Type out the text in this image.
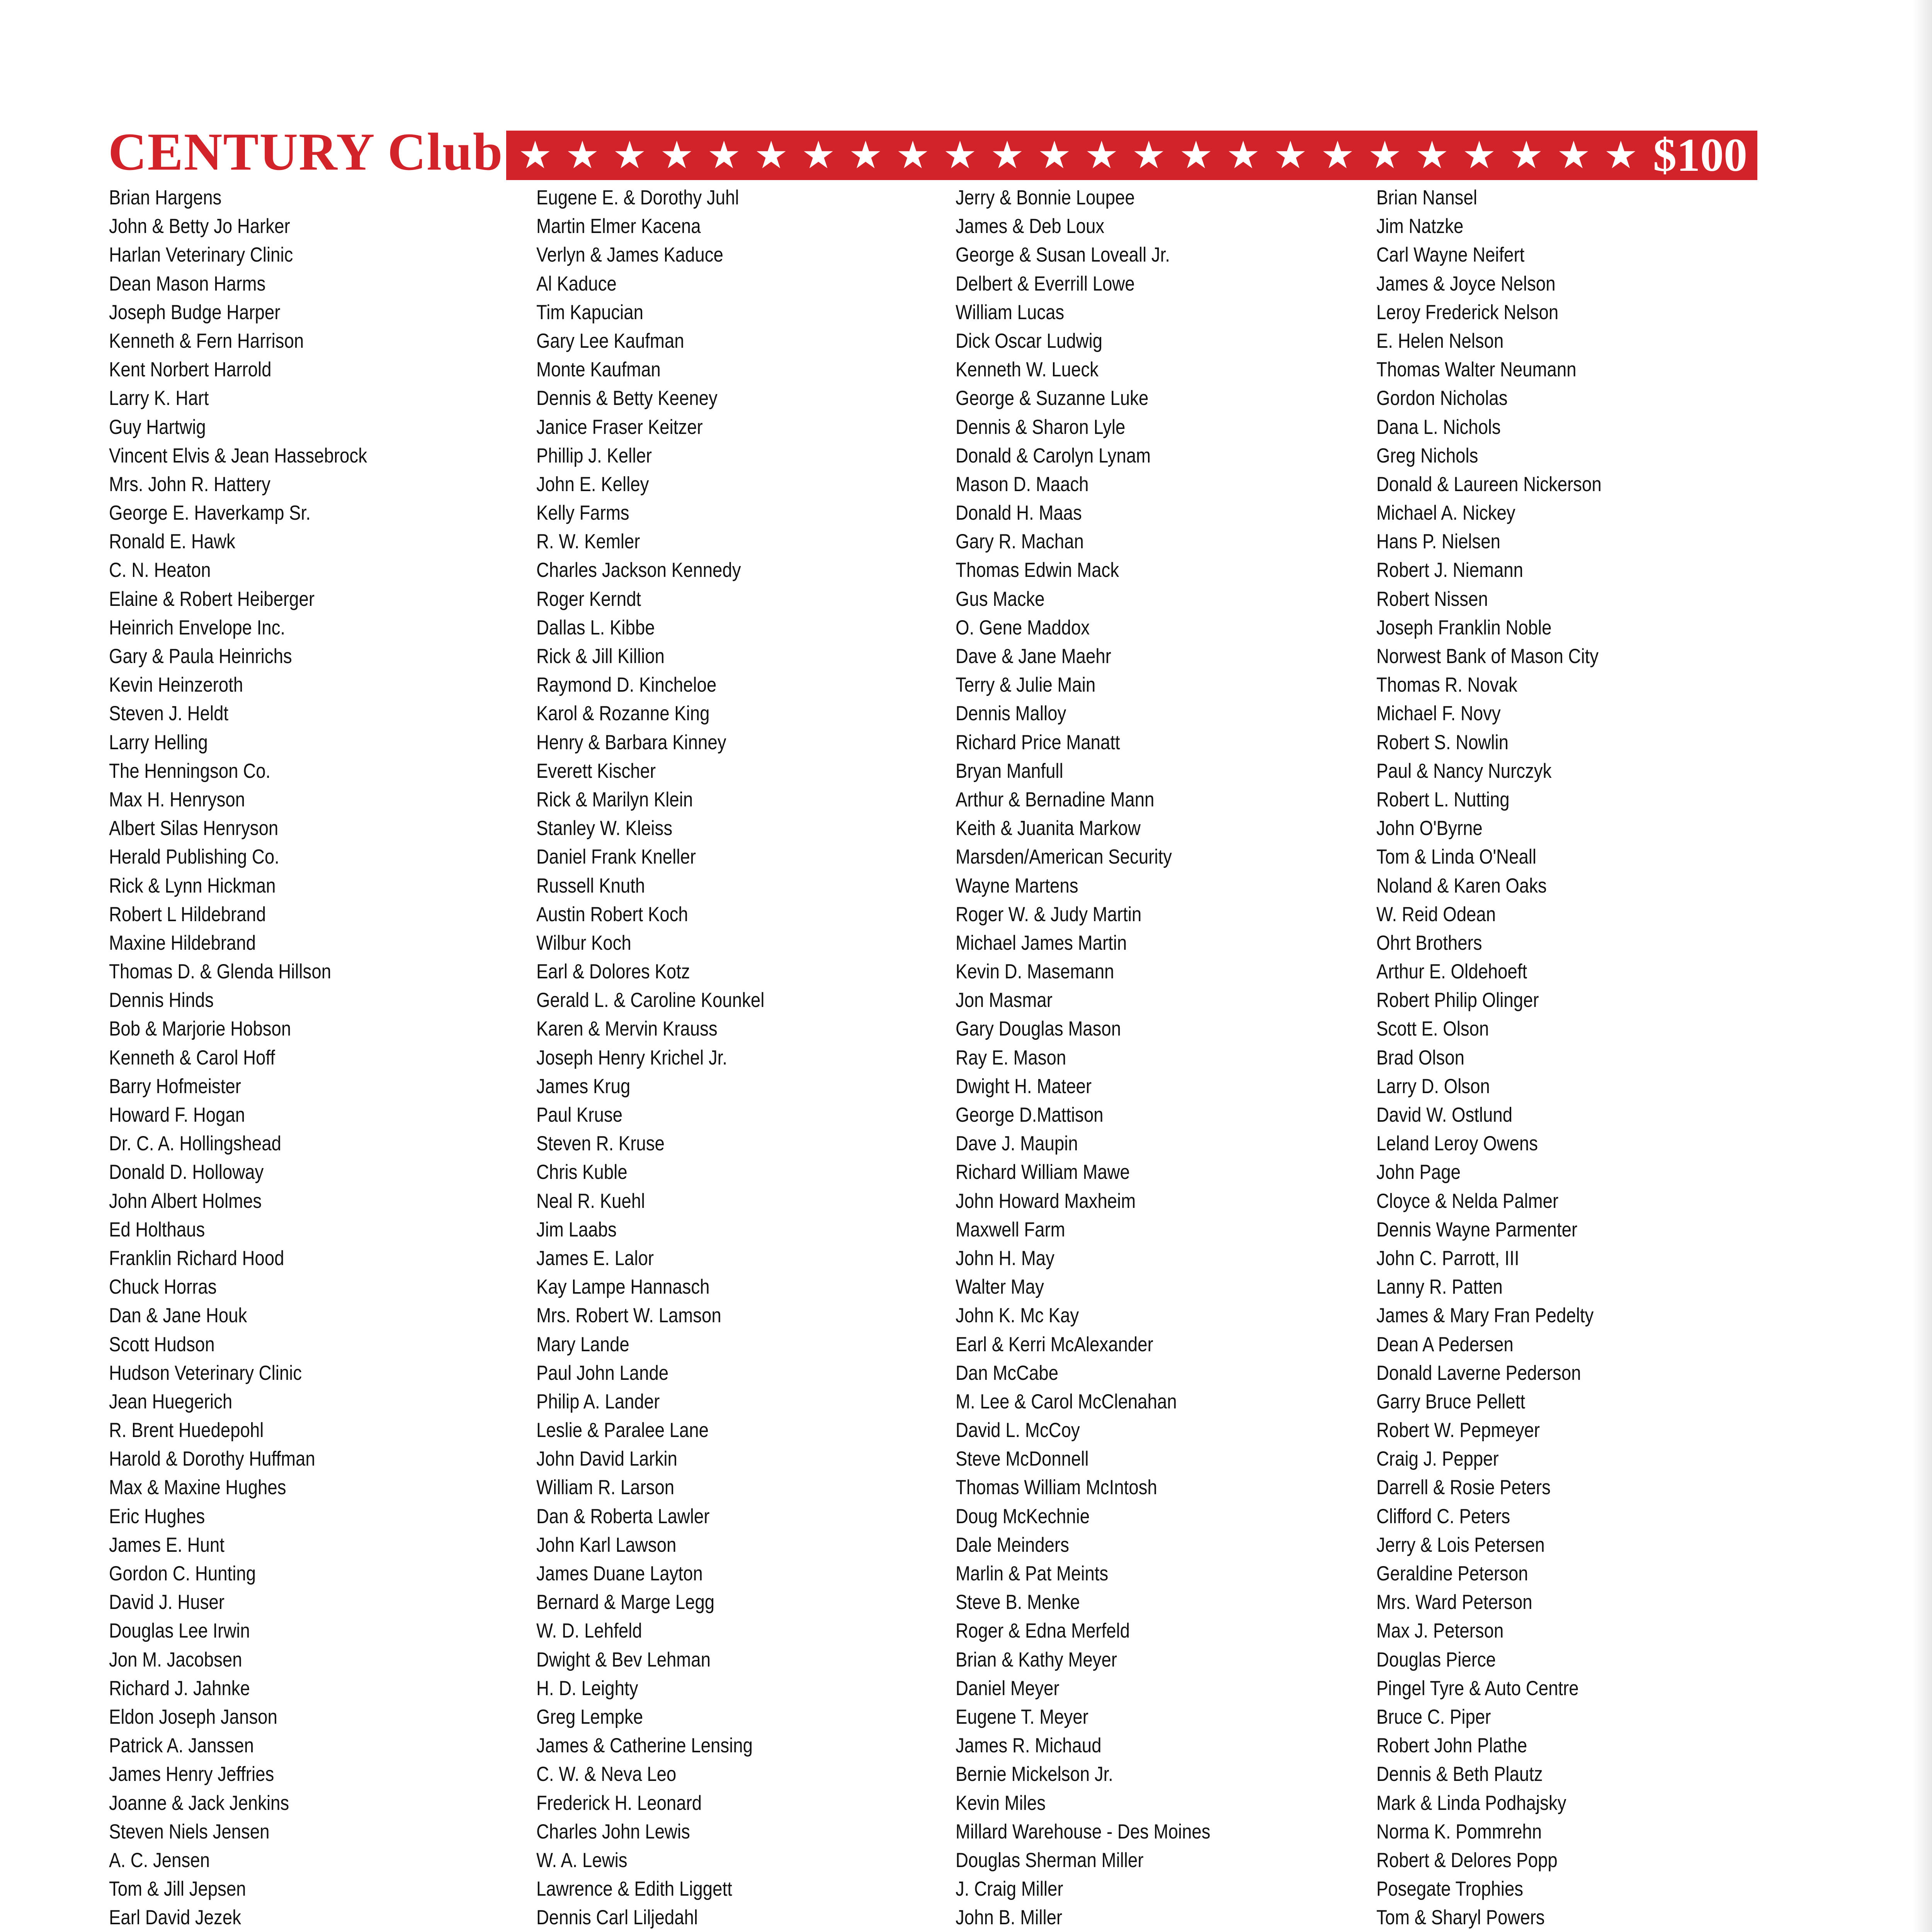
CENTURY Club ★ ★ ★ ★ ★ ★ ★ ★ ★ ★ ★ ★ ★ ★ ★ ★ ★ ★ ★ ★ ★ ★ ★ ★ $100
Brian Hargens
John & Betty Jo Harker
Harlan Veterinary Clinic
Dean Mason Harms
Joseph Budge Harper
Kenneth & Fern Harrison
Kent Norbert Harrold
Larry K. Hart
Guy Hartwig
Vincent Elvis & Jean Hassebrock
Mrs. John R. Hattery
George E. Haverkamp Sr.
Ronald E. Hawk
C. N. Heaton
Elaine & Robert Heiberger
Heinrich Envelope Inc.
Gary & Paula Heinrichs
Kevin Heinzeroth
Steven J. Heldt
Larry Helling
The Henningson Co.
Max H. Henryson
Albert Silas Henryson
Herald Publishing Co.
Rick & Lynn Hickman
Robert L Hildebrand
Maxine Hildebrand
Thomas D. & Glenda Hillson
Dennis Hinds
Bob & Marjorie Hobson
Kenneth & Carol Hoff
Barry Hofmeister
Howard F. Hogan
Dr. C. A. Hollingshead
Donald D. Holloway
John Albert Holmes
Ed Holthaus
Franklin Richard Hood
Chuck Horras
Dan & Jane Houk
Scott Hudson
Hudson Veterinary Clinic
Jean Huegerich
R. Brent Huedepohl
Harold & Dorothy Huffman
Max & Maxine Hughes
Eric Hughes
James E. Hunt
Gordon C. Hunting
David J. Huser
Douglas Lee Irwin
Jon M. Jacobsen
Richard J. Jahnke
Eldon Joseph Janson
Patrick A. Janssen
James Henry Jeffries
Joanne & Jack Jenkins
Steven Niels Jensen
A. C. Jensen
Tom & Jill Jepsen
Earl David Jezek
Eugene E. & Dorothy Juhl
Martin Elmer Kacena
Verlyn & James Kaduce
Al Kaduce
Tim Kapucian
Gary Lee Kaufman
Monte Kaufman
Dennis & Betty Keeney
Janice Fraser Keitzer
Phillip J. Keller
John E. Kelley
Kelly Farms
R. W. Kemler
Charles Jackson Kennedy
Roger Kerndt
Dallas L. Kibbe
Rick & Jill Killion
Raymond D. Kincheloe
Karol & Rozanne King
Henry & Barbara Kinney
Everett Kischer
Rick & Marilyn Klein
Stanley W. Kleiss
Daniel Frank Kneller
Russell Knuth
Austin Robert Koch
Wilbur Koch
Earl & Dolores Kotz
Gerald L. & Caroline Kounkel
Karen & Mervin Krauss
Joseph Henry Krichel Jr.
James Krug
Paul Kruse
Steven R. Kruse
Chris Kuble
Neal R. Kuehl
Jim Laabs
James E. Lalor
Kay Lampe Hannasch
Mrs. Robert W. Lamson
Mary Lande
Paul John Lande
Philip A. Lander
Leslie & Paralee Lane
John David Larkin
William R. Larson
Dan & Roberta Lawler
John Karl Lawson
James Duane Layton
Bernard & Marge Legg
W. D. Lehfeld
Dwight & Bev Lehman
H. D. Leighty
Greg Lempke
James & Catherine Lensing
C. W. & Neva Leo
Frederick H. Leonard
Charles John Lewis
W. A. Lewis
Lawrence & Edith Liggett
Dennis Carl Liljedahl
Jerry & Bonnie Loupee
James & Deb Loux
George & Susan Loveall Jr.
Delbert & Everrill Lowe
William Lucas
Dick Oscar Ludwig
Kenneth W. Lueck
George & Suzanne Luke
Dennis & Sharon Lyle
Donald & Carolyn Lynam
Mason D. Maach
Donald H. Maas
Gary R. Machan
Thomas Edwin Mack
Gus Macke
O. Gene Maddox
Dave & Jane Maehr
Terry & Julie Main
Dennis Malloy
Richard Price Manatt
Bryan Manfull
Arthur & Bernadine Mann
Keith & Juanita Markow
Marsden/American Security
Wayne Martens
Roger W. & Judy Martin
Michael James Martin
Kevin D. Masemann
Jon Masmar
Gary Douglas Mason
Ray E. Mason
Dwight H. Mateer
George D.Mattison
Dave J. Maupin
Richard William Mawe
John Howard Maxheim
Maxwell Farm
John H. May
Walter May
John K. Mc Kay
Earl & Kerri McAlexander
Dan McCabe
M. Lee & Carol McClenahan
David L. McCoy
Steve McDonnell
Thomas William McIntosh
Doug McKechnie
Dale Meinders
Marlin & Pat Meints
Steve B. Menke
Roger & Edna Merfeld
Brian & Kathy Meyer
Daniel Meyer
Eugene T. Meyer
James R. Michaud
Bernie Mickelson Jr.
Kevin Miles
Millard Warehouse - Des Moines
Douglas Sherman Miller
J. Craig Miller
John B. Miller
Brian Nansel
Jim Natzke
Carl Wayne Neifert
James & Joyce Nelson
Leroy Frederick Nelson
E. Helen Nelson
Thomas Walter Neumann
Gordon Nicholas
Dana L. Nichols
Greg Nichols
Donald & Laureen Nickerson
Michael A. Nickey
Hans P. Nielsen
Robert J. Niemann
Robert Nissen
Joseph Franklin Noble
Norwest Bank of Mason City
Thomas R. Novak
Michael F. Novy
Robert S. Nowlin
Paul & Nancy Nurczyk
Robert L. Nutting
John O'Byrne
Tom & Linda O'Neall
Noland & Karen Oaks
W. Reid Odean
Ohrt Brothers
Arthur E. Oldehoeft
Robert Philip Olinger
Scott E. Olson
Brad Olson
Larry D. Olson
David W. Ostlund
Leland Leroy Owens
John Page
Cloyce & Nelda Palmer
Dennis Wayne Parmenter
John C. Parrott, III
Lanny R. Patten
James & Mary Fran Pedelty
Dean A Pedersen
Donald Laverne Pederson
Garry Bruce Pellett
Robert W. Pepmeyer
Craig J. Pepper
Darrell & Rosie Peters
Clifford C. Peters
Jerry & Lois Petersen
Geraldine Peterson
Mrs. Ward Peterson
Max J. Peterson
Douglas Pierce
Pingel Tyre & Auto Centre
Bruce C. Piper
Robert John Plathe
Dennis & Beth Plautz
Mark & Linda Podhajsky
Norma K. Pommrehn
Robert & Delores Popp
Posegate Trophies
Tom & Sharyl Powers
